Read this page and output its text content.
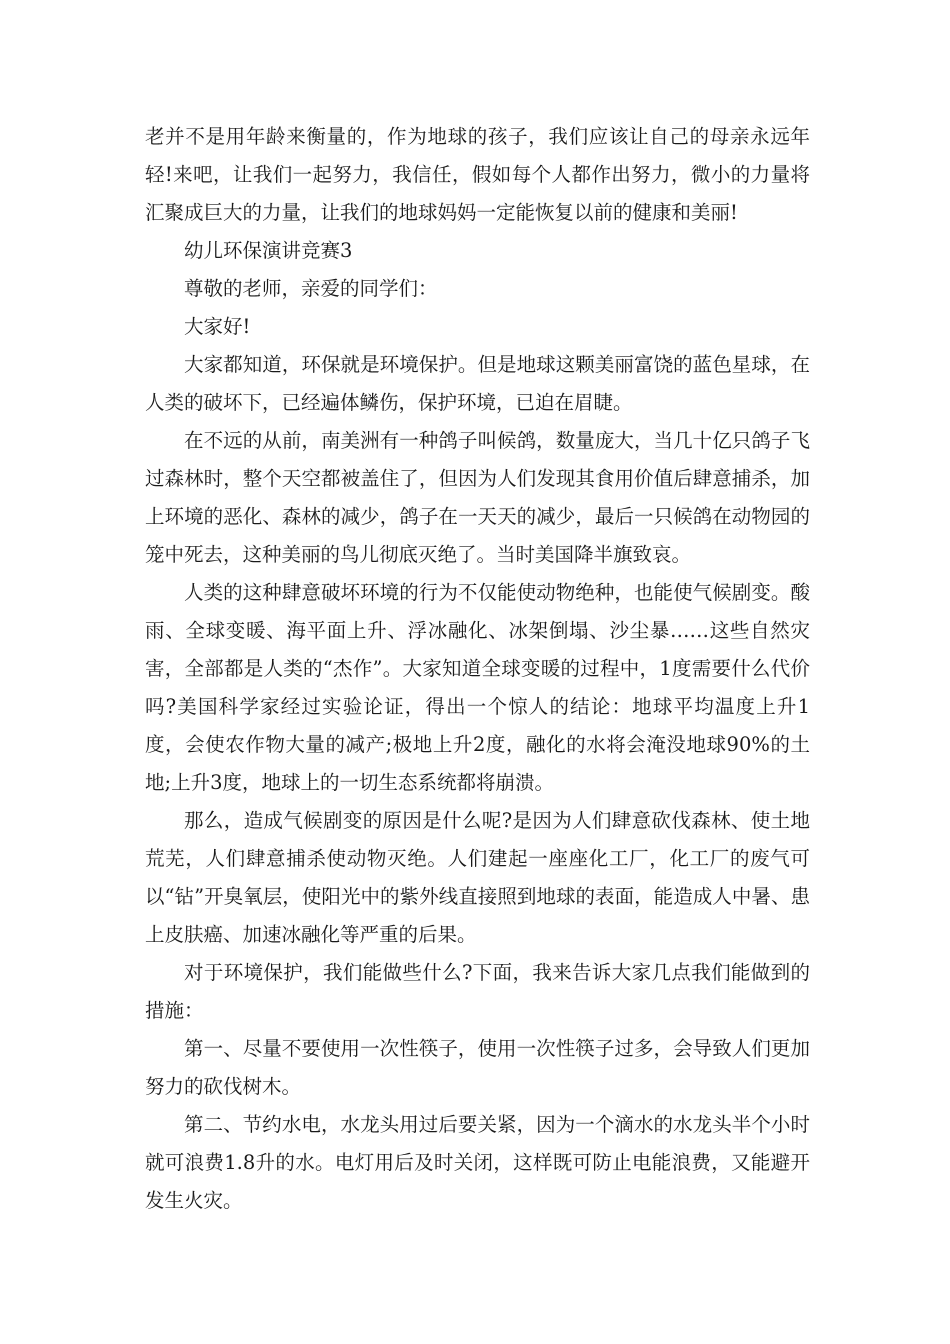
老并不是用年龄来衡量的，作为地球的孩子，我们应该让自己的母亲永远年轻!来吧，让我们一起努力，我信任，假如每个人都作出努力，微小的力量将汇聚成巨大的力量，让我们的地球妈妈一定能恢复以前的健康和美丽!

幼儿环保演讲竞赛3

尊敬的老师，亲爱的同学们：

大家好!

大家都知道，环保就是环境保护。但是地球这颗美丽富饶的蓝色星球，在人类的破坏下，已经遍体鳞伤，保护环境，已迫在眉睫。

在不远的从前，南美洲有一种鸽子叫候鸽，数量庞大，当几十亿只鸽子飞过森林时，整个天空都被盖住了，但因为人们发现其食用价值后肆意捕杀，加上环境的恶化、森林的减少，鸽子在一天天的减少，最后一只候鸽在动物园的笼中死去，这种美丽的鸟儿彻底灭绝了。当时美国降半旗致哀。

人类的这种肆意破坏环境的行为不仅能使动物绝种，也能使气候剧变。酸雨、全球变暖、海平面上升、浮冰融化、冰架倒塌、沙尘暴……这些自然灾害，全部都是人类的“杰作”。大家知道全球变暖的过程中，1度需要什么代价吗?美国科学家经过实验论证，得出一个惊人的结论：地球平均温度上升1度，会使农作物大量的减产;极地上升2度，融化的水将会淹没地球90%的土地;上升3度，地球上的一切生态系统都将崩溃。

那么，造成气候剧变的原因是什么呢?是因为人们肆意砍伐森林、使土地荒芜，人们肆意捕杀使动物灭绝。人们建起一座座化工厂，化工厂的废气可以“钻”开臭氧层，使阳光中的紫外线直接照到地球的表面，能造成人中暑、患上皮肤癌、加速冰融化等严重的后果。

对于环境保护，我们能做些什么?下面，我来告诉大家几点我们能做到的措施：

第一、尽量不要使用一次性筷子，使用一次性筷子过多，会导致人们更加努力的砍伐树木。

第二、节约水电，水龙头用过后要关紧，因为一个滴水的水龙头半个小时就可浪费1.8升的水。电灯用后及时关闭，这样既可防止电能浪费，又能避开发生火灾。
